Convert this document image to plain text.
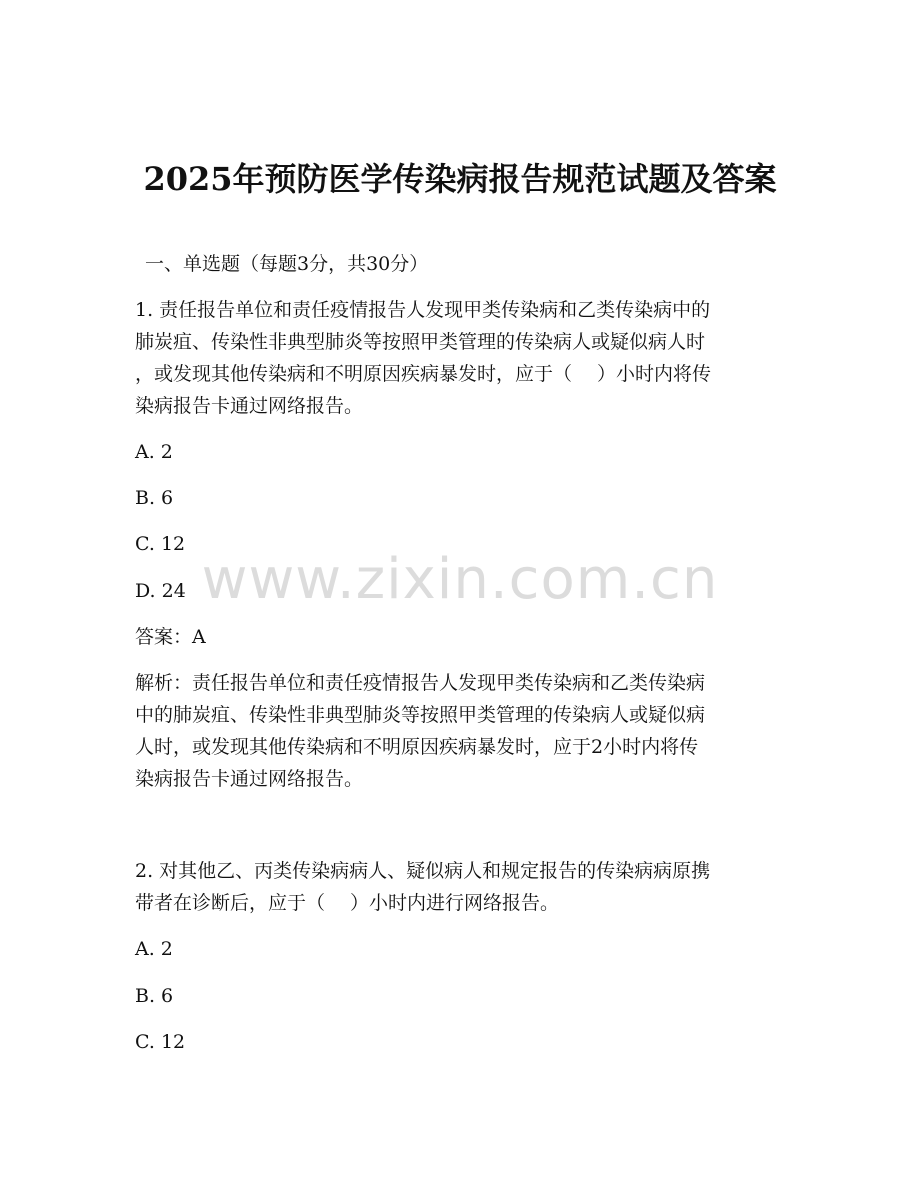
www.zixin.com.cn
2025年预防医学传染病报告规范试题及答案
一、单选题（每题3分，共30分）
1. 责任报告单位和责任疫情报告人发现甲类传染病和乙类传染病中的
肺炭疽、传染性非典型肺炎等按照甲类管理的传染病人或疑似病人时
，或发现其他传染病和不明原因疾病暴发时，应于（　 ）小时内将传
染病报告卡通过网络报告。
A. 2
B. 6
C. 12
D. 24
答案：A
解析：责任报告单位和责任疫情报告人发现甲类传染病和乙类传染病
中的肺炭疽、传染性非典型肺炎等按照甲类管理的传染病人或疑似病
人时，或发现其他传染病和不明原因疾病暴发时，应于2小时内将传
染病报告卡通过网络报告。
2. 对其他乙、丙类传染病病人、疑似病人和规定报告的传染病病原携
带者在诊断后，应于（　 ）小时内进行网络报告。
A. 2
B. 6
C. 12
